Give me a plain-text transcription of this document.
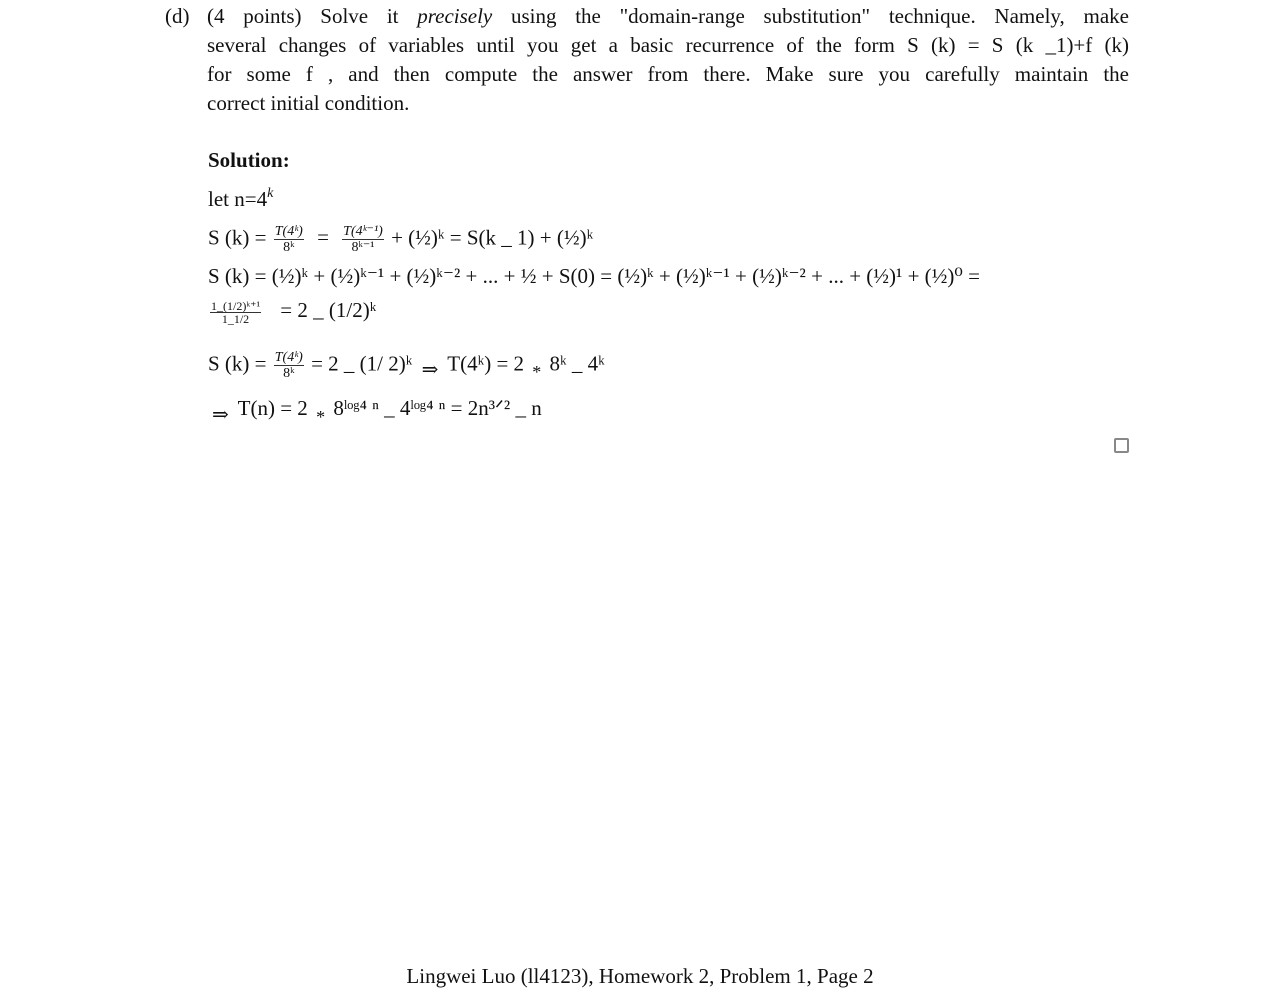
(d) (4 points) Solve it precisely using the "domain-range substitution" technique. Namely, make
several changes of variables until you get a basic recurrence of the form S (k) = S (k _1)+f (k)
for some f , and then compute the answer from there. Make sure you carefully maintain the
correct initial condition.
Solution:
let $n=4^k$
S $(k) = \frac{\text{T(4ᵏ)}}{\text{8ᵏ}} = \frac{\text{T(4ᵏ⁻¹)}}{\text{8ᵏ⁻¹}}$ + (½)ᵏ = S(k _ 1) + (½)ᵏ
S (k) = (½)ᵏ + (½)ᵏ⁻¹ + (½)ᵏ⁻² + ... + ½ + S(0) = (½)ᵏ + (½)ᵏ⁻¹ + (½)ᵏ⁻² + ... + (½)¹ + (½)⁰ =
$\frac{\text{1\_(1/2)ᵏ⁺¹}}{1\_1/2} = 2$ _ (1/2)ᵏ
S $(k) = \frac{\text{T(4ᵏ)}}{\text{8ᵏ}} = 2$ _ (1/ 2)ᵏ ⇒ T(4ᵏ) = 2 * 8ᵏ _ 4ᵏ
⇒ T(n) = 2 * 8ˡᵒᵍ⁴ ⁿ _ 4ˡᵒᵍ⁴ ⁿ = 2n³ᐟ² _ n
Lingwei Luo (ll4123), Homework 2, Problem 1, Page 2
